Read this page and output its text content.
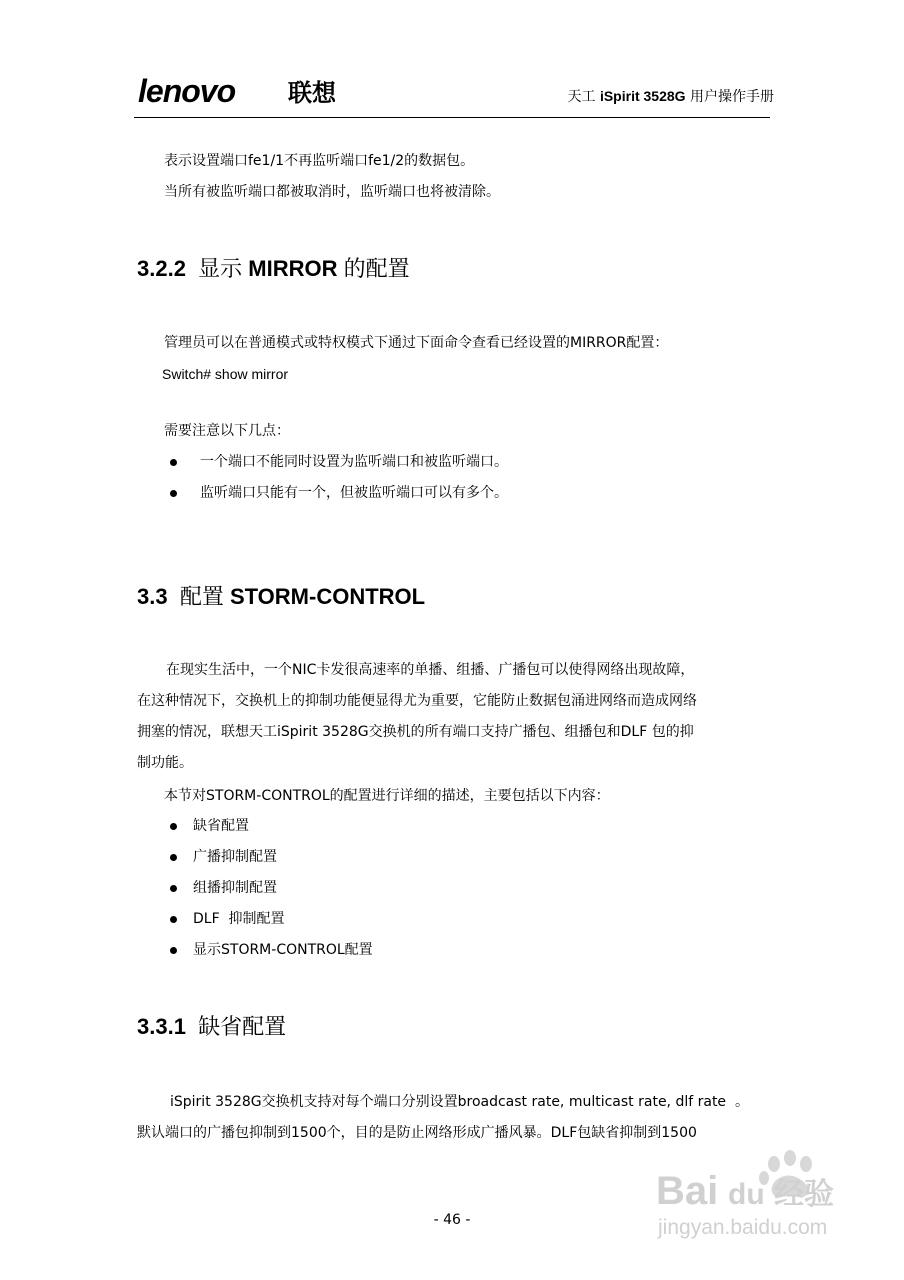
lenovo 联想	天工 iSpirit 3528G 用户操作手册
表示设置端口fe1/1不再监听端口fe1/2的数据包。
当所有被监听端口都被取消时，监听端口也将被清除。
3.2.2 显示 MIRROR 的配置
管理员可以在普通模式或特权模式下通过下面命令查看已经设置的MIRROR配置：
Switch# show mirror
需要注意以下几点：
一个端口不能同时设置为监听端口和被监听端口。
监听端口只能有一个，但被监听端口可以有多个。
3.3 配置 STORM-CONTROL
在现实生活中，一个NIC卡发很高速率的单播、组播、广播包可以使得网络出现故障，
在这种情况下，交换机上的抑制功能便显得尤为重要，它能防止数据包涌进网络而造成网络
拥塞的情况，联想天工iSpirit 3528G交换机的所有端口支持广播包、组播包和DLF 包的抑
制功能。
本节对STORM-CONTROL的配置进行详细的描述，主要包括以下内容：
缺省配置
广播抑制配置
组播抑制配置
DLF  抑制配置
显示STORM-CONTROL配置
3.3.1 缺省配置
iSpirit 3528G交换机支持对每个端口分别设置broadcast rate, multicast rate, dlf rate  。
默认端口的广播包抑制到1500个，目的是防止网络形成广播风暴。DLF包缺省抑制到1500
- 46 -
Bai du 经验
jingyan.baidu.com
